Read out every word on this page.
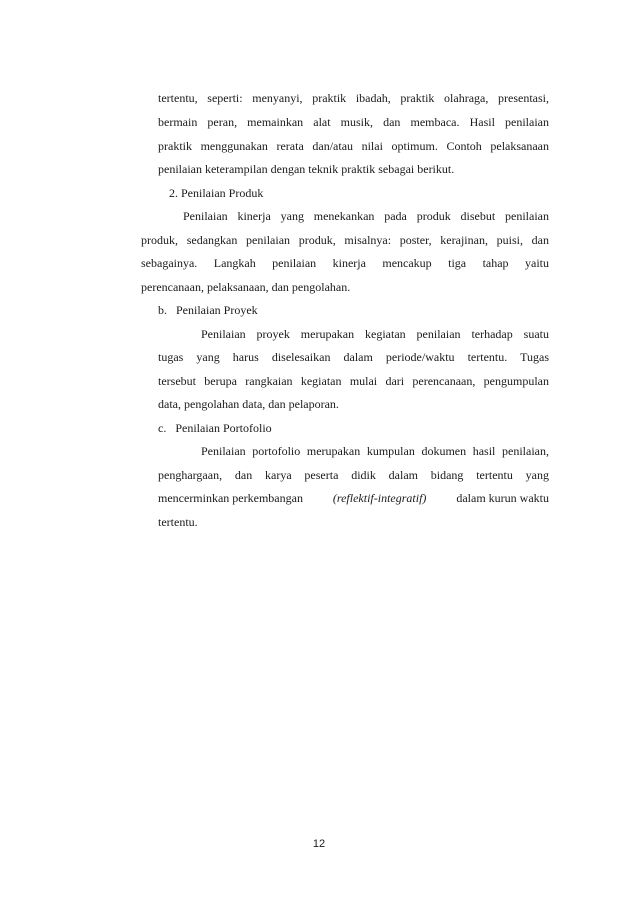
tertentu, seperti: menyanyi, praktik ibadah, praktik olahraga, presentasi,
bermain peran, memainkan alat musik, dan membaca. Hasil penilaian
praktik menggunakan rerata dan/atau nilai optimum. Contoh pelaksanaan
penilaian keterampilan dengan teknik praktik sebagai berikut.
2. Penilaian Produk
Penilaian kinerja yang menekankan pada produk disebut penilaian
produk, sedangkan penilaian produk, misalnya: poster, kerajinan, puisi, dan
sebagainya. Langkah penilaian kinerja mencakup tiga tahap yaitu
perencanaan, pelaksanaan, dan pengolahan.
b.   Penilaian Proyek
Penilaian proyek merupakan kegiatan penilaian terhadap suatu
tugas yang harus diselesaikan dalam periode/waktu tertentu. Tugas
tersebut berupa rangkaian kegiatan mulai dari perencanaan, pengumpulan
data, pengolahan data, dan pelaporan.
c.   Penilaian Portofolio
Penilaian portofolio merupakan kumpulan dokumen hasil penilaian,
penghargaan, dan karya peserta didik dalam bidang tertentu yang
mencerminkan perkembangan (reflektif-integratif) dalam kurun waktu
tertentu.
12
